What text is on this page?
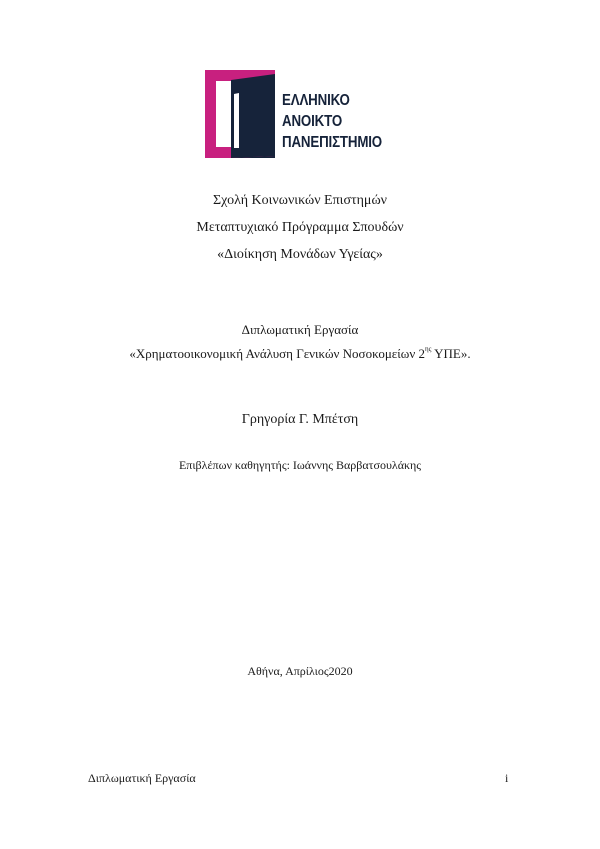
ΕΛΛΗΝΙΚΟ
ΑΝΟΙΚΤΟ
ΠΑΝΕΠΙΣΤΗΜΙΟ
Σχολή Κοινωνικών Επιστημών
Μεταπτυχιακό Πρόγραμμα Σπουδών
«Διοίκηση Μονάδων Υγείας»
Διπλωματική Εργασία
«Χρηματοοικονομική Ανάλυση Γενικών Νοσοκομείων $2^{\eta\varsigma}$ ΥΠΕ».
Γρηγορία Γ. Μπέτση
Επιβλέπων καθηγητής: Ιωάννης Βαρβατσουλάκης
Αθήνα, Απρίλιος2020
Διπλωματική Εργασία	i
